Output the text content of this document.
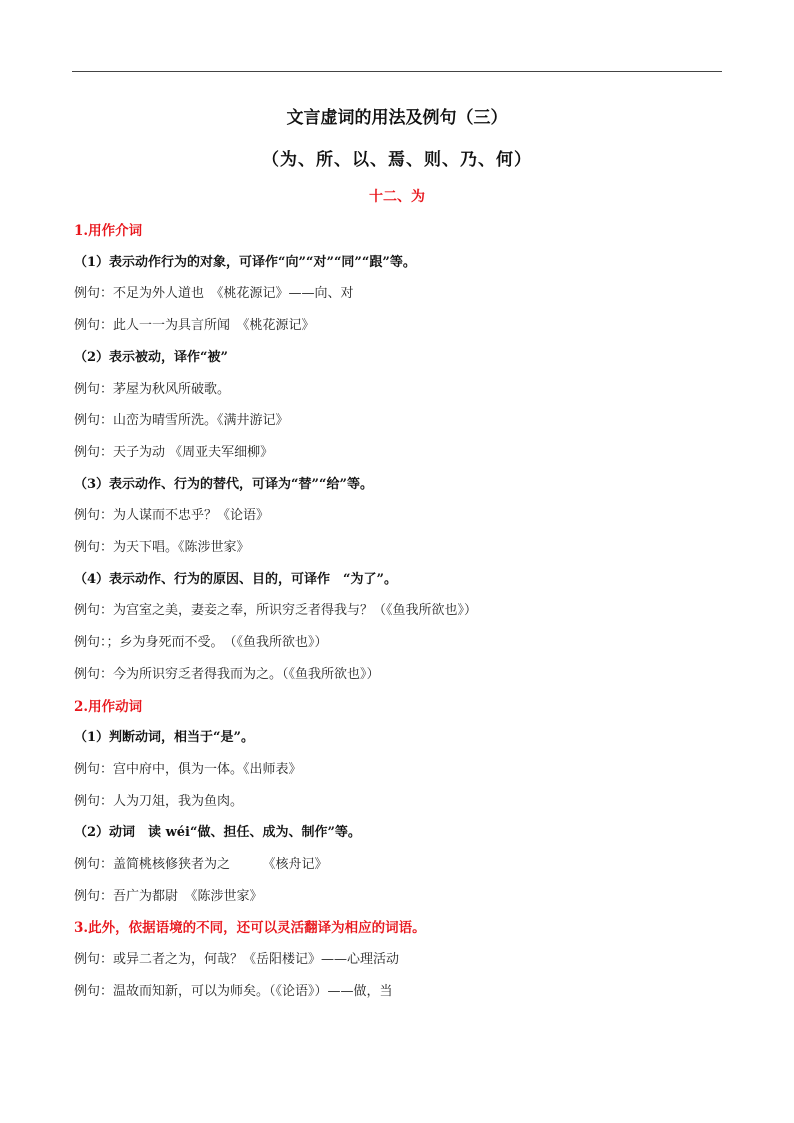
文言虚词的用法及例句（三）
（为、所、以、焉、则、乃、何）
十二、为
1.用作介词
（1）表示动作行为的对象，可译作“向”“对”“同”“跟”等。
例句：不足为外人道也　《桃花源记》——向、对
例句：此人一一为具言所闻　《桃花源记》
（2）表示被动，译作“被”
例句：茅屋为秋风所破歌。
例句：山峦为晴雪所洗。《满井游记》
例句：天子为动 《周亚夫军细柳》
（3）表示动作、行为的替代，可译为“替”“给”等。
例句：为人谋而不忠乎？《论语》
例句：为天下唱。《陈涉世家》
（4）表示动作、行为的原因、目的，可译作　“为了”。
例句：为宫室之美，妻妾之奉，所识穷乏者得我与？（《鱼我所欲也》）
例句：；乡为身死而不受。　（《鱼我所欲也》）
例句：今为所识穷乏者得我而为之。（《鱼我所欲也》）
2.用作动词
（1）判断动词，相当于“是”。
例句：宫中府中，俱为一体。《出师表》
例句：人为刀俎，我为鱼肉。
（2）动词　读 wéi“做、担任、成为、制作”等。
例句：盖简桃核修狭者为之　　　《核舟记》
例句：吾广为都尉　《陈涉世家》
3.此外，依据语境的不同，还可以灵活翻译为相应的词语。
例句：或异二者之为，何哉？《岳阳楼记》——心理活动
例句：温故而知新，可以为师矣。（《论语》）——做，当
